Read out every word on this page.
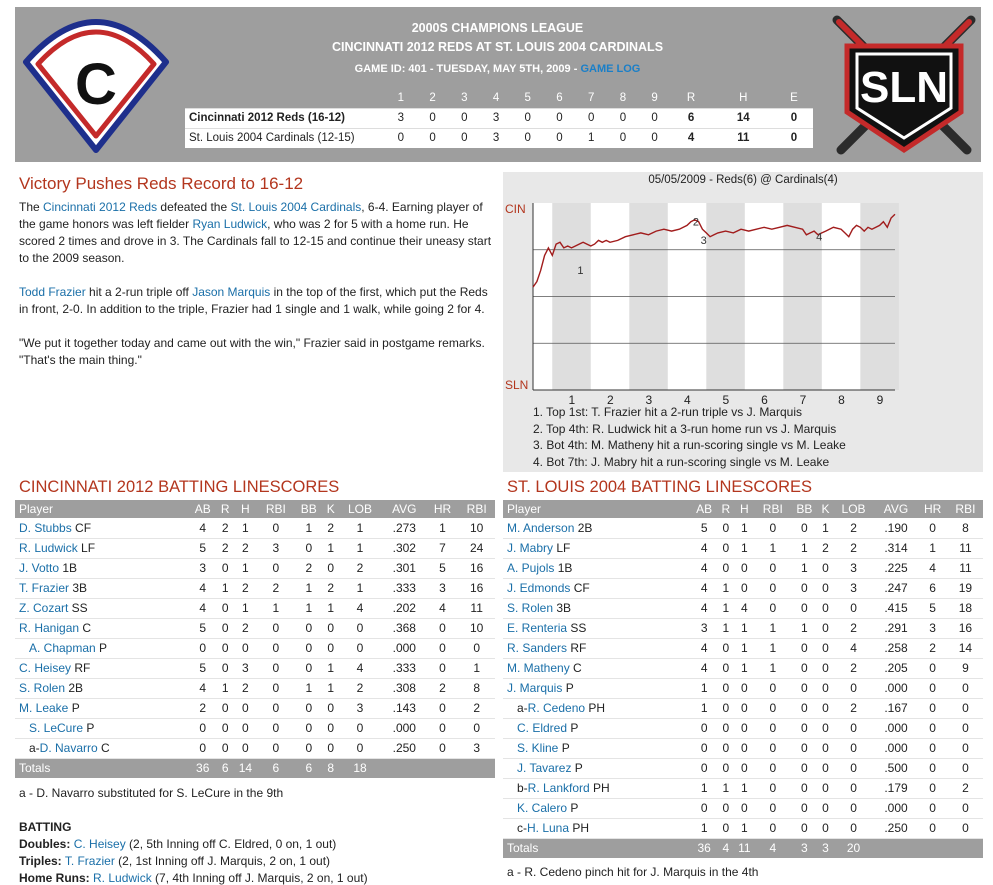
C	SLN
2000S CHAMPIONS LEAGUE
CINCINNATI 2012 REDS AT ST. LOUIS 2004 CARDINALS
GAME ID: 401 - TUESDAY, MAY 5TH, 2009 - GAME LOG
	1	2	3	4	5	6	7	8	9	R	H	E
Cincinnati 2012 Reds (16-12)	3	0	0	3	0	0	0	0	0	6	14	0
St. Louis 2004 Cardinals (12-15)	0	0	0	3	0	0	1	0	0	4	11	0
Victory Pushes Reds Record to 16-12

The Cincinnati 2012 Reds defeated the St. Louis 2004 Cardinals, 6-4. Earning player of the game honors was left fielder Ryan Ludwick, who was 2 for 5 with a home run. He scored 2 times and drove in 3. The Cardinals fall to 12-15 and continue their uneasy start to the 2009 season.

Todd Frazier hit a 2-run triple off Jason Marquis in the top of the first, which put the Reds in front, 2-0. In addition to the triple, Frazier had 1 single and 1 walk, while going 2 for 4.

"We put it together today and came out with the win," Frazier said in postgame remarks. "That's the main thing."

CIN
SLN
1	2	3	4	5	6	7	8	9
1
2
3	4
05/05/2009 - Reds(6) @ Cardinals(4)
1. Top 1st: T. Frazier hit a 2-run triple vs J. Marquis
2. Top 4th: R. Ludwick hit a 3-run home run vs J. Marquis
3. Bot 4th: M. Matheny hit a run-scoring single vs M. Leake
4. Bot 7th: J. Mabry hit a run-scoring single vs M. Leake
CINCINNATI 2012 BATTING LINESCORES
Player	AB	R	H	RBI	BB	K	LOB	AVG	HR	RBI
D. Stubbs CF	4	2	1	0	1	2	1	.273	1	10
R. Ludwick LF	5	2	2	3	0	1	1	.302	7	24
J. Votto 1B	3	0	1	0	2	0	2	.301	5	16
T. Frazier 3B	4	1	2	2	1	2	1	.333	3	16
Z. Cozart SS	4	0	1	1	1	1	4	.202	4	11
R. Hanigan C	5	0	2	0	0	0	0	.368	0	10
A. Chapman P	0	0	0	0	0	0	0	.000	0	0
C. Heisey RF	5	0	3	0	0	1	4	.333	0	1
S. Rolen 2B	4	1	2	0	1	1	2	.308	2	8
M. Leake P	2	0	0	0	0	0	3	.143	0	2
S. LeCure P	0	0	0	0	0	0	0	.000	0	0
a-D. Navarro C	0	0	0	0	0	0	0	.250	0	3
Totals	36	6	14	6	6	8	18			
a - D. Navarro substituted for S. LeCure in the 9th
ST. LOUIS 2004 BATTING LINESCORES
Player	AB	R	H	RBI	BB	K	LOB	AVG	HR	RBI
M. Anderson 2B	5	0	1	0	0	1	2	.190	0	8
J. Mabry LF	4	0	1	1	1	2	2	.314	1	11
A. Pujols 1B	4	0	0	0	1	0	3	.225	4	11
J. Edmonds CF	4	1	0	0	0	0	3	.247	6	19
S. Rolen 3B	4	1	4	0	0	0	0	.415	5	18
E. Renteria SS	3	1	1	1	1	0	2	.291	3	16
R. Sanders RF	4	0	1	1	0	0	4	.258	2	14
M. Matheny C	4	0	1	1	0	0	2	.205	0	9
J. Marquis P	1	0	0	0	0	0	0	.000	0	0
a-R. Cedeno PH	1	0	0	0	0	0	2	.167	0	0
C. Eldred P	0	0	0	0	0	0	0	.000	0	0
S. Kline P	0	0	0	0	0	0	0	.000	0	0
J. Tavarez P	0	0	0	0	0	0	0	.500	0	0
b-R. Lankford PH	1	1	1	0	0	0	0	.179	0	2
K. Calero P	0	0	0	0	0	0	0	.000	0	0
c-H. Luna PH	1	0	1	0	0	0	0	.250	0	0
Totals	36	4	11	4	3	3	20			
a - R. Cedeno pinch hit for J. Marquis in the 4th
BATTING
Doubles: C. Heisey (2, 5th Inning off C. Eldred, 0 on, 1 out)
Triples: T. Frazier (2, 1st Inning off J. Marquis, 2 on, 1 out)
Home Runs: R. Ludwick (7, 4th Inning off J. Marquis, 2 on, 1 out)
